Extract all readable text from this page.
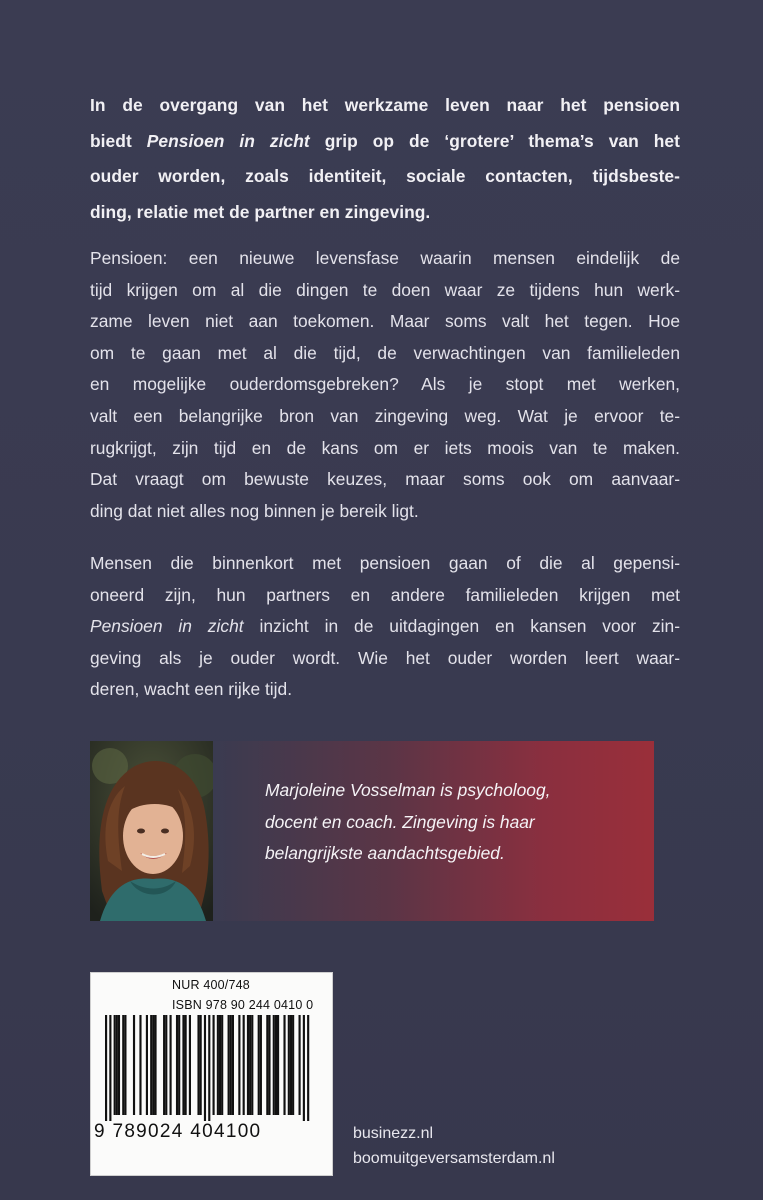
In de overgang van het werkzame leven naar het pensioen
biedt Pensioen in zicht grip op de ‘grotere’ thema’s van het
ouder worden, zoals identiteit, sociale contacten, tijdsbeste-
ding, relatie met de partner en zingeving.
Pensioen: een nieuwe levensfase waarin mensen eindelijk de
tijd krijgen om al die dingen te doen waar ze tijdens hun werk-
zame leven niet aan toekomen. Maar soms valt het tegen. Hoe
om te gaan met al die tijd, de verwachtingen van familieleden
en mogelijke ouderdomsgebreken? Als je stopt met werken,
valt een belangrijke bron van zingeving weg. Wat je ervoor te-
rugkrijgt, zijn tijd en de kans om er iets moois van te maken.
Dat vraagt om bewuste keuzes, maar soms ook om aanvaar-
ding dat niet alles nog binnen je bereik ligt.
Mensen die binnenkort met pensioen gaan of die al gepensi-
oneerd zijn, hun partners en andere familieleden krijgen met
Pensioen in zicht inzicht in de uitdagingen en kansen voor zin-
geving als je ouder wordt. Wie het ouder worden leert waar-
deren, wacht een rijke tijd.
Marjoleine Vosselman is psycholoog,
docent en coach. Zingeving is haar
belangrijkste aandachtsgebied.
NUR 400/748
ISBN 978 90 244 0410 0
9 789024 404100	businezz.nl
boomuitgeversamsterdam.nl
